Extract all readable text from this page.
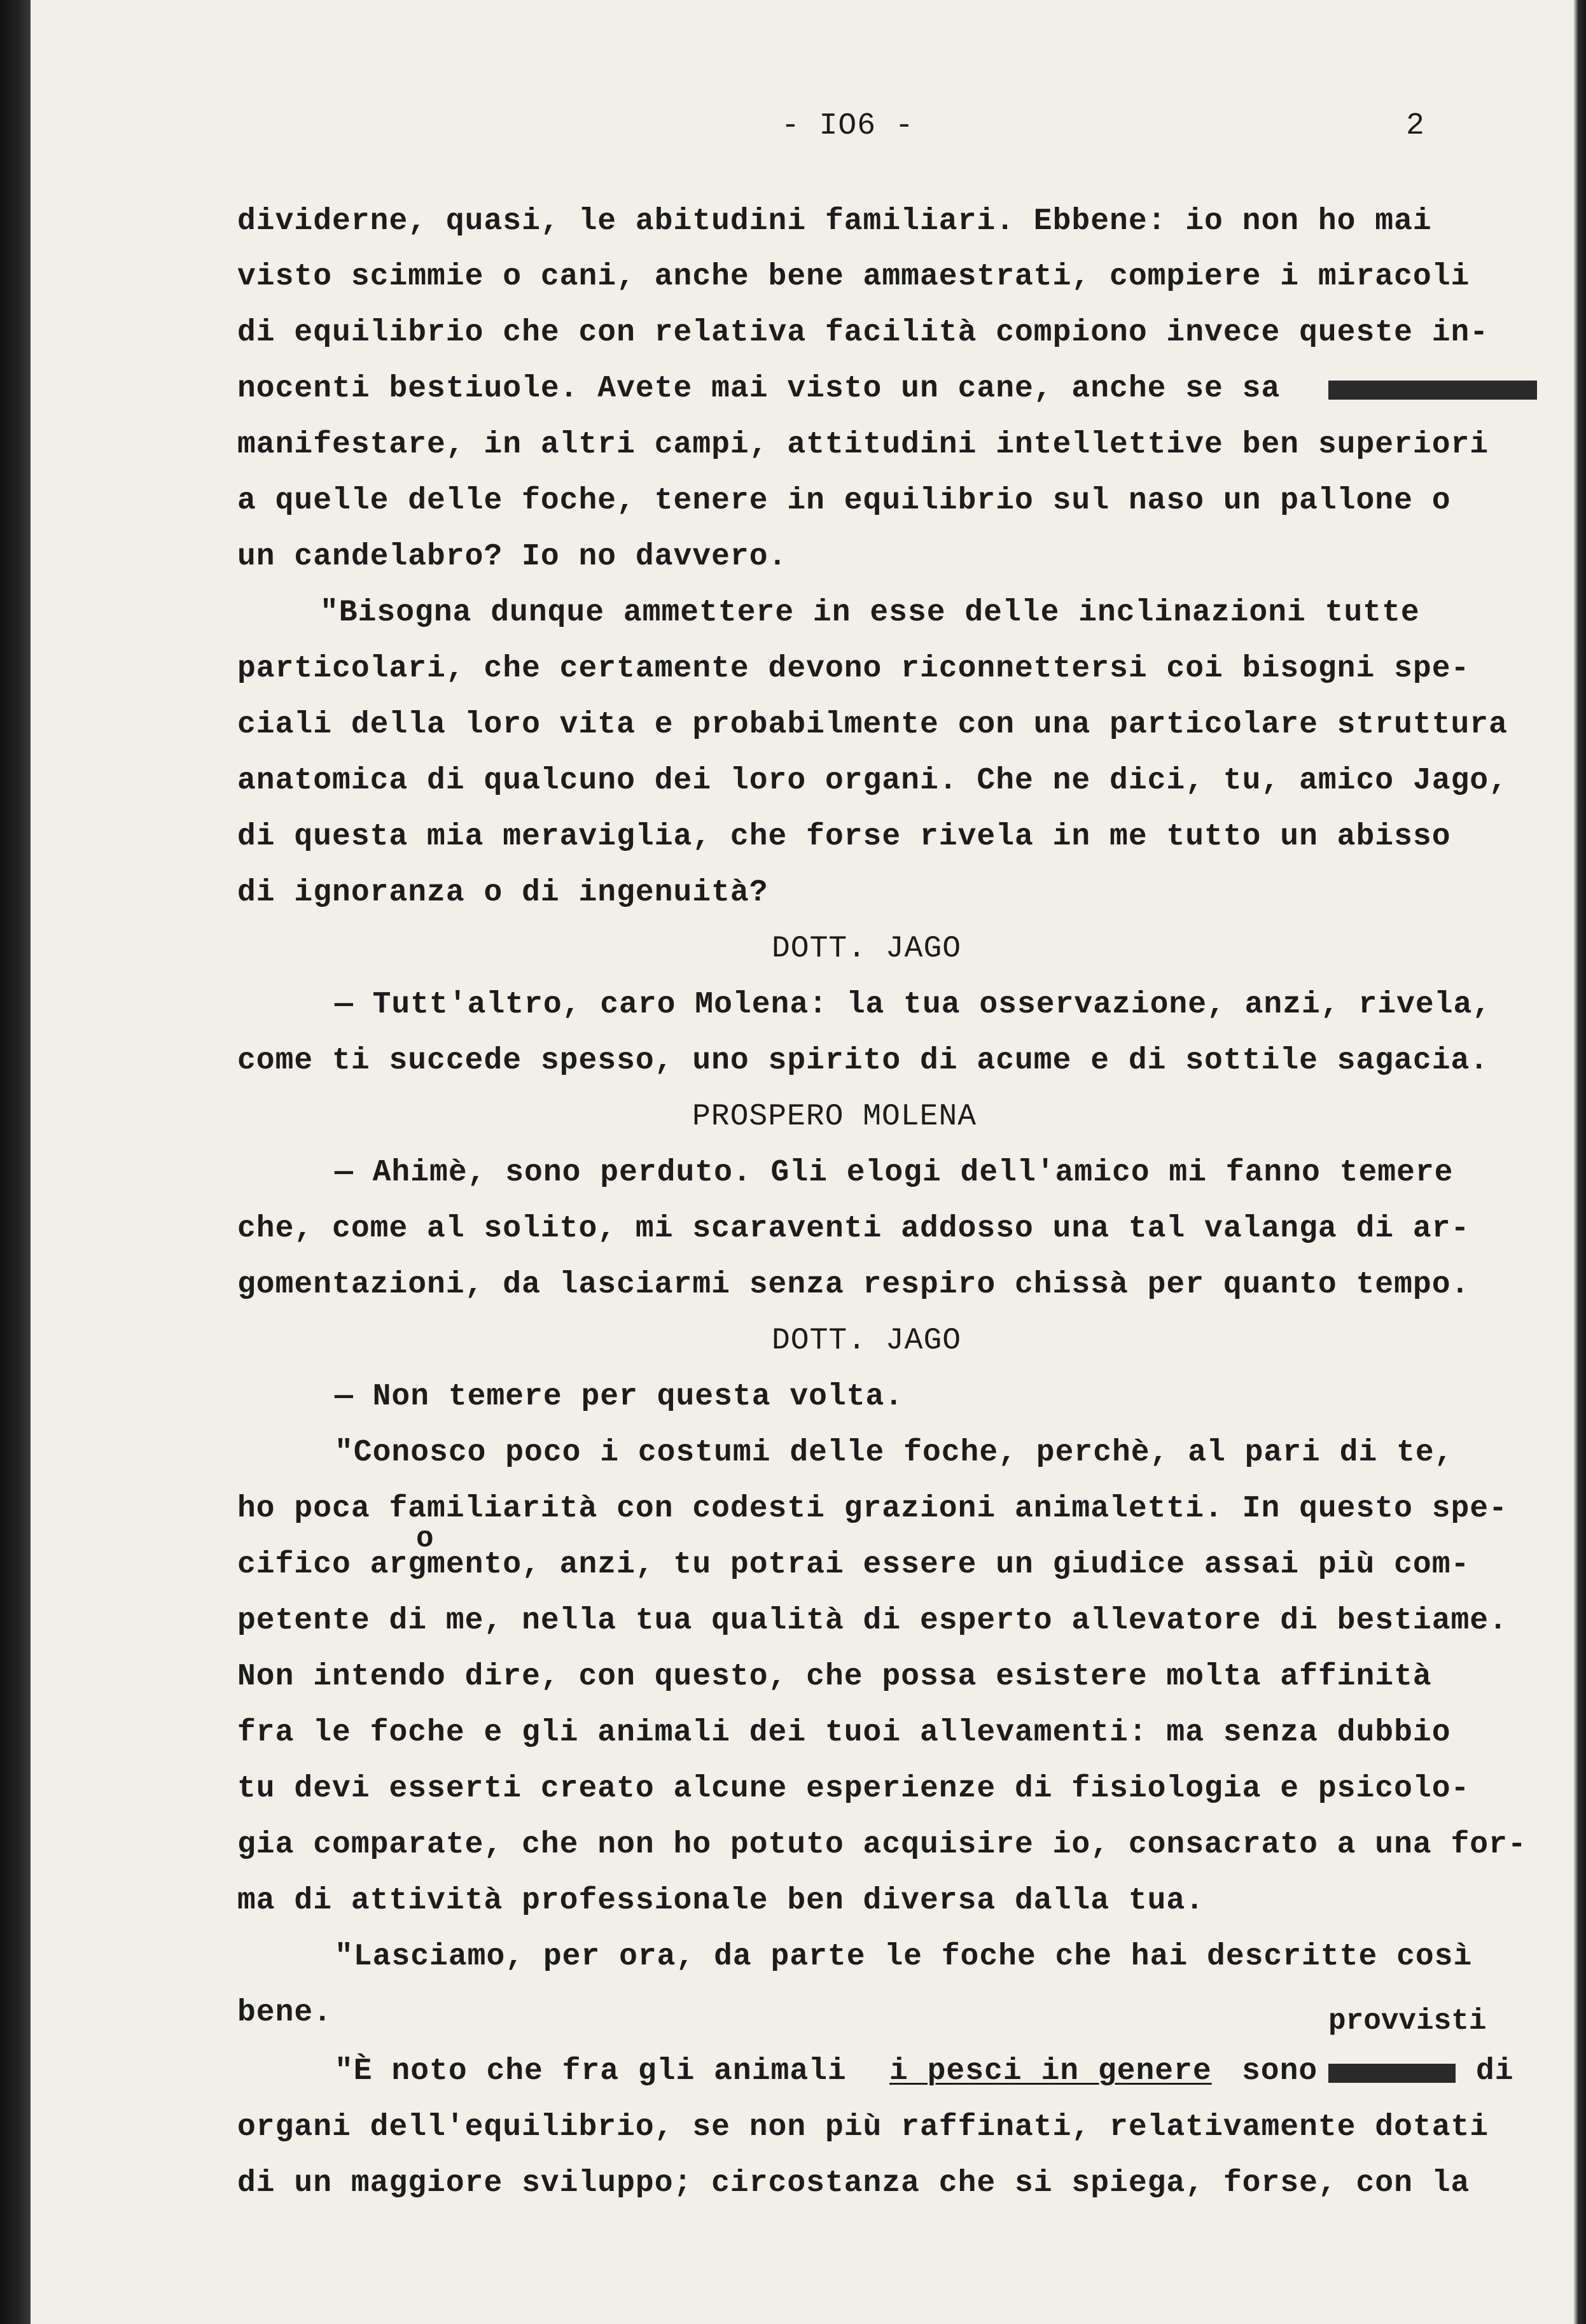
- IO6 -	2
dividerne, quasi, le abitudini familiari. Ebbene: io non ho mai
visto scimmie o cani, anche bene ammaestrati, compiere i miracoli
di equilibrio che con relativa facilità compiono invece queste in-
nocenti bestiuole. Avete mai visto un cane, anche se sa
manifestare, in altri campi, attitudini intellettive ben superiori
a quelle delle foche, tenere in equilibrio sul naso un pallone o
un candelabro? Io no davvero.
"Bisogna dunque ammettere in esse delle inclinazioni tutte
particolari, che certamente devono riconnettersi coi bisogni spe-
ciali della loro vita e probabilmente con una particolare struttura
anatomica di qualcuno dei loro organi. Che ne dici, tu, amico Jago,
di questa mia meraviglia, che forse rivela in me tutto un abisso
di ignoranza o di ingenuità?
DOTT. JAGO
— Tutt'altro, caro Molena: la tua osservazione, anzi, rivela,
come ti succede spesso, uno spirito di acume e di sottile sagacia.
PROSPERO MOLENA
— Ahimè, sono perduto. Gli elogi dell'amico mi fanno temere
che, come al solito, mi scaraventi addosso una tal valanga di ar-
gomentazioni, da lasciarmi senza respiro chissà per quanto tempo.
DOTT. JAGO
— Non temere per questa volta.
"Conosco poco i costumi delle foche, perchè, al pari di te,
ho poca familiarità con codesti grazioni animaletti. In questo spe-
o
cifico argmento, anzi, tu potrai essere un giudice assai più com-
petente di me, nella tua qualità di esperto allevatore di bestiame.
Non intendo dire, con questo, che possa esistere molta affinità
fra le foche e gli animali dei tuoi allevamenti: ma senza dubbio
tu devi esserti creato alcune esperienze di fisiologia e psicolo-
gia comparate, che non ho potuto acquisire io, consacrato a una for-
ma di attività professionale ben diversa dalla tua.
"Lasciamo, per ora, da parte le foche che hai descritte così
bene.	provvisti
"È noto che fra gli animali i pesci in genere sono	di
organi dell'equilibrio, se non più raffinati, relativamente dotati
di un maggiore sviluppo; circostanza che si spiega, forse, con la
